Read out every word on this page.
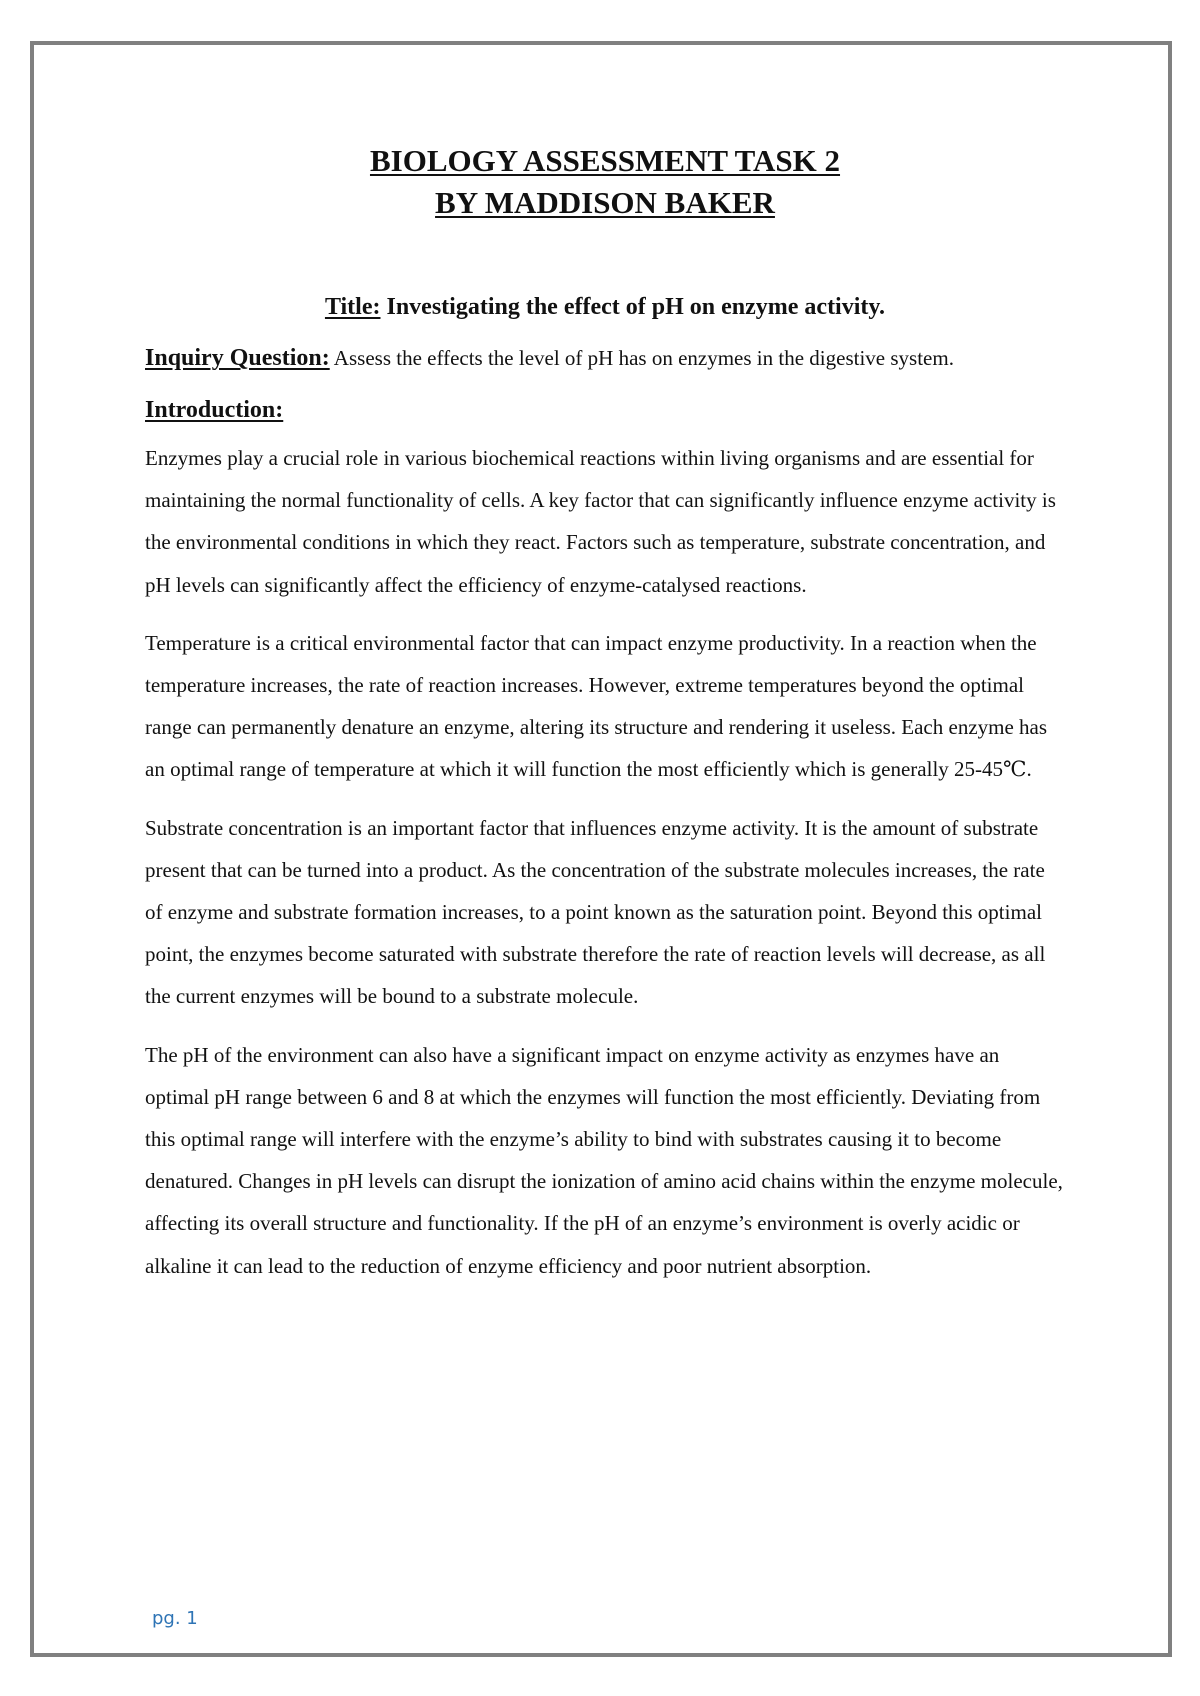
BIOLOGY ASSESSMENT TASK 2
BY MADDISON BAKER

Title: Investigating the effect of pH on enzyme activity.

Inquiry Question: Assess the effects the level of pH has on enzymes in the digestive system.

Introduction:

Enzymes play a crucial role in various biochemical reactions within living organisms and are essential for maintaining the normal functionality of cells. A key factor that can significantly influence enzyme activity is the environmental conditions in which they react. Factors such as temperature, substrate concentration, and pH levels can significantly affect the efficiency of enzyme-catalysed reactions.

Temperature is a critical environmental factor that can impact enzyme productivity. In a reaction when the temperature increases, the rate of reaction increases. However, extreme temperatures beyond the optimal range can permanently denature an enzyme, altering its structure and rendering it useless. Each enzyme has an optimal range of temperature at which it will function the most efficiently which is generally 25-45℃.

Substrate concentration is an important factor that influences enzyme activity. It is the amount of substrate present that can be turned into a product. As the concentration of the substrate molecules increases, the rate of enzyme and substrate formation increases, to a point known as the saturation point. Beyond this optimal point, the enzymes become saturated with substrate therefore the rate of reaction levels will decrease, as all the current enzymes will be bound to a substrate molecule.

The pH of the environment can also have a significant impact on enzyme activity as enzymes have an optimal pH range between 6 and 8 at which the enzymes will function the most efficiently. Deviating from this optimal range will interfere with the enzyme’s ability to bind with substrates causing it to become denatured. Changes in pH levels can disrupt the ionization of amino acid chains within the enzyme molecule, affecting its overall structure and functionality. If the pH of an enzyme’s environment is overly acidic or alkaline it can lead to the reduction of enzyme efficiency and poor nutrient absorption.

pg. 1
